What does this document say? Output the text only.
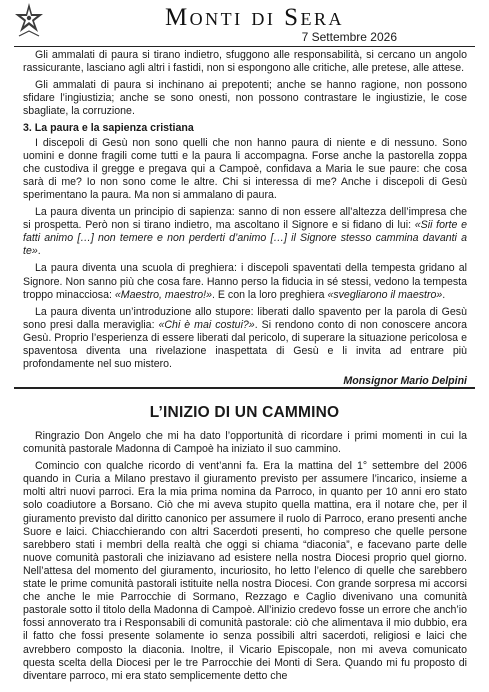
Monti di Sera
7 Settembre 2026

Gli ammalati di paura si tirano indietro, sfuggono alle responsabilità, si cercano un angolo rassicurante, lasciano agli altri i fastidi, non si espongono alle critiche, alle pretese, alle attese.

Gli ammalati di paura si inchinano ai prepotenti; anche se hanno ragione, non possono sfidare l’ingiustizia; anche se sono onesti, non possono contrastare le ingiustizie, le cose sbagliate, la corruzione.

3. La paura e la sapienza cristiana

I discepoli di Gesù non sono quelli che non hanno paura di niente e di nessuno. Sono uomini e donne fragili come tutti e la paura li accompagna. Forse anche la pastorella zoppa che custodiva il gregge e pregava qui a Campoè, confidava a Maria le sue paure: che cosa sarà di me? Io non sono come le altre. Chi si interessa di me? Anche i discepoli di Gesù sperimentano la paura. Ma non si ammalano di paura.

La paura diventa un principio di sapienza: sanno di non essere all’altezza dell’impresa che si prospetta. Però non si tirano indietro, ma ascoltano il Signore e si fidano di lui: «Sii forte e fatti animo […] non temere e non perderti d’animo […] il Signore stesso cammina davanti a te».

La paura diventa una scuola di preghiera: i discepoli spaventati della tempesta gridano al Signore. Non sanno più che cosa fare. Hanno perso la fiducia in sé stessi, vedono la tempesta troppo minacciosa: «Maestro, maestro!». E con la loro preghiera «svegliarono il maestro».

La paura diventa un’introduzione allo stupore: liberati dallo spavento per la parola di Gesù sono presi dalla meraviglia: «Chi è mai costui?». Si rendono conto di non conoscere ancora Gesù. Proprio l’esperienza di essere liberati dal pericolo, di superare la situazione pericolosa e spaventosa diventa una rivelazione inaspettata di Gesù e li invita ad entrare più profondamente nel suo mistero.

Monsignor Mario Delpini
L’INIZIO DI UN CAMMINO

Ringrazio Don Angelo che mi ha dato l’opportunità di ricordare i primi momenti in cui la comunità pastorale Madonna di Campoè ha iniziato il suo cammino.

Comincio con qualche ricordo di vent’anni fa. Era la mattina del 1° settembre del 2006 quando in Curia a Milano prestavo il giuramento previsto per assumere l’incarico, insieme a molti altri nuovi parroci. Era la mia prima nomina da Parroco, in quanto per 10 anni ero stato solo coadiutore a Borsano. Ciò che mi aveva stupito quella mattina, era il notare che, per il giuramento previsto dal diritto canonico per assumere il ruolo di Parroco, erano presenti anche Suore e laici. Chiacchierando con altri Sacerdoti presenti, ho compreso che quelle persone sarebbero stati i membri della realtà che oggi si chiama “diaconia”, e facevano parte delle nuove comunità pastorali che iniziavano ad esistere nella nostra Diocesi proprio quel giorno. Nell’attesa del momento del giuramento, incuriosito, ho letto l’elenco di quelle che sarebbero state le prime comunità pastorali istituite nella nostra Diocesi. Con grande sorpresa mi accorsi che anche le mie Parrocchie di Sormano, Rezzago e Caglio divenivano una comunità pastorale sotto il titolo della Madonna di Campoè. All’inizio credevo fosse un errore che anch’io fossi annoverato tra i Responsabili di comunità pastorale: ciò che alimentava il mio dubbio, era il fatto che fossi presente solamente io senza possibili altri sacerdoti, religiosi e laici che avrebbero composto la diaconia. Inoltre, il Vicario Episcopale, non mi aveva comunicato questa scelta della Diocesi per le tre Parrocchie dei Monti di Sera. Quando mi fu proposto di diventare parroco, mi era stato semplicemente detto che
